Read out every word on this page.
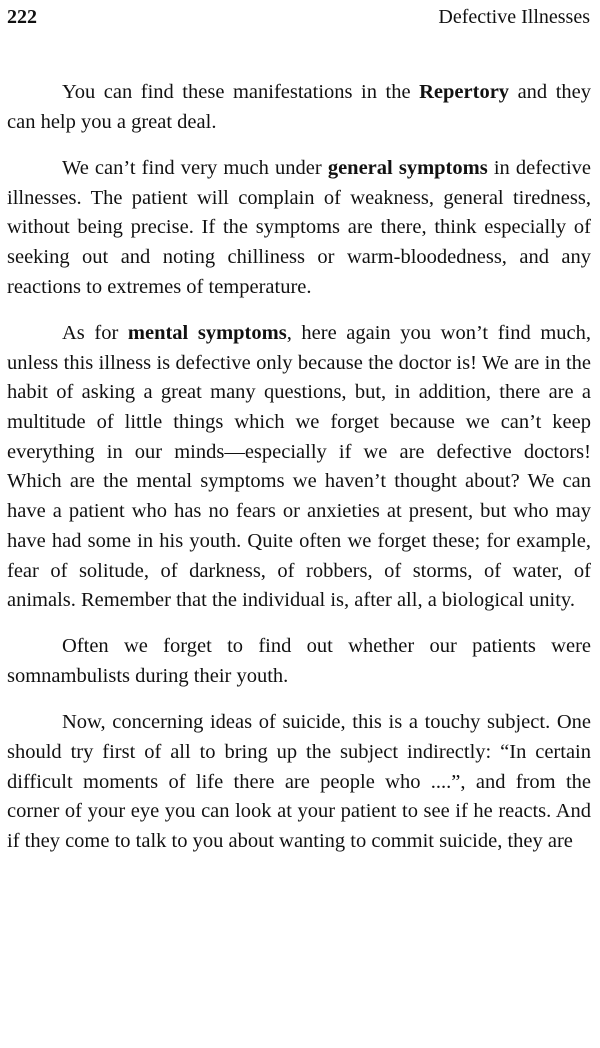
222	Defective Illnesses

You can find these manifestations in the Repertory and they can help you a great deal.

We can’t find very much under general symptoms in defective illnesses. The patient will complain of weakness, general tiredness, without being precise. If the symptoms are there, think especially of seeking out and noting chilliness or warm-bloodedness, and any reactions to extremes of temperature.

As for mental symptoms, here again you won’t find much, unless this illness is defective only because the doctor is! We are in the habit of asking a great many questions, but, in addition, there are a multitude of little things which we forget because we can’t keep everything in our minds—especially if we are defective doctors! Which are the mental symptoms we haven’t thought about? We can have a patient who has no fears or anxieties at present, but who may have had some in his youth. Quite often we forget these; for example, fear of solitude, of darkness, of robbers, of storms, of water, of animals. Remember that the individual is, after all, a biological unity.

Often we forget to find out whether our patients were somnambulists during their youth.

Now, concerning ideas of suicide, this is a touchy subject. One should try first of all to bring up the subject indirectly: “In certain difficult moments of life there are people who ....”, and from the corner of your eye you can look at your patient to see if he reacts. And if they come to talk to you about wanting to commit suicide, they are
